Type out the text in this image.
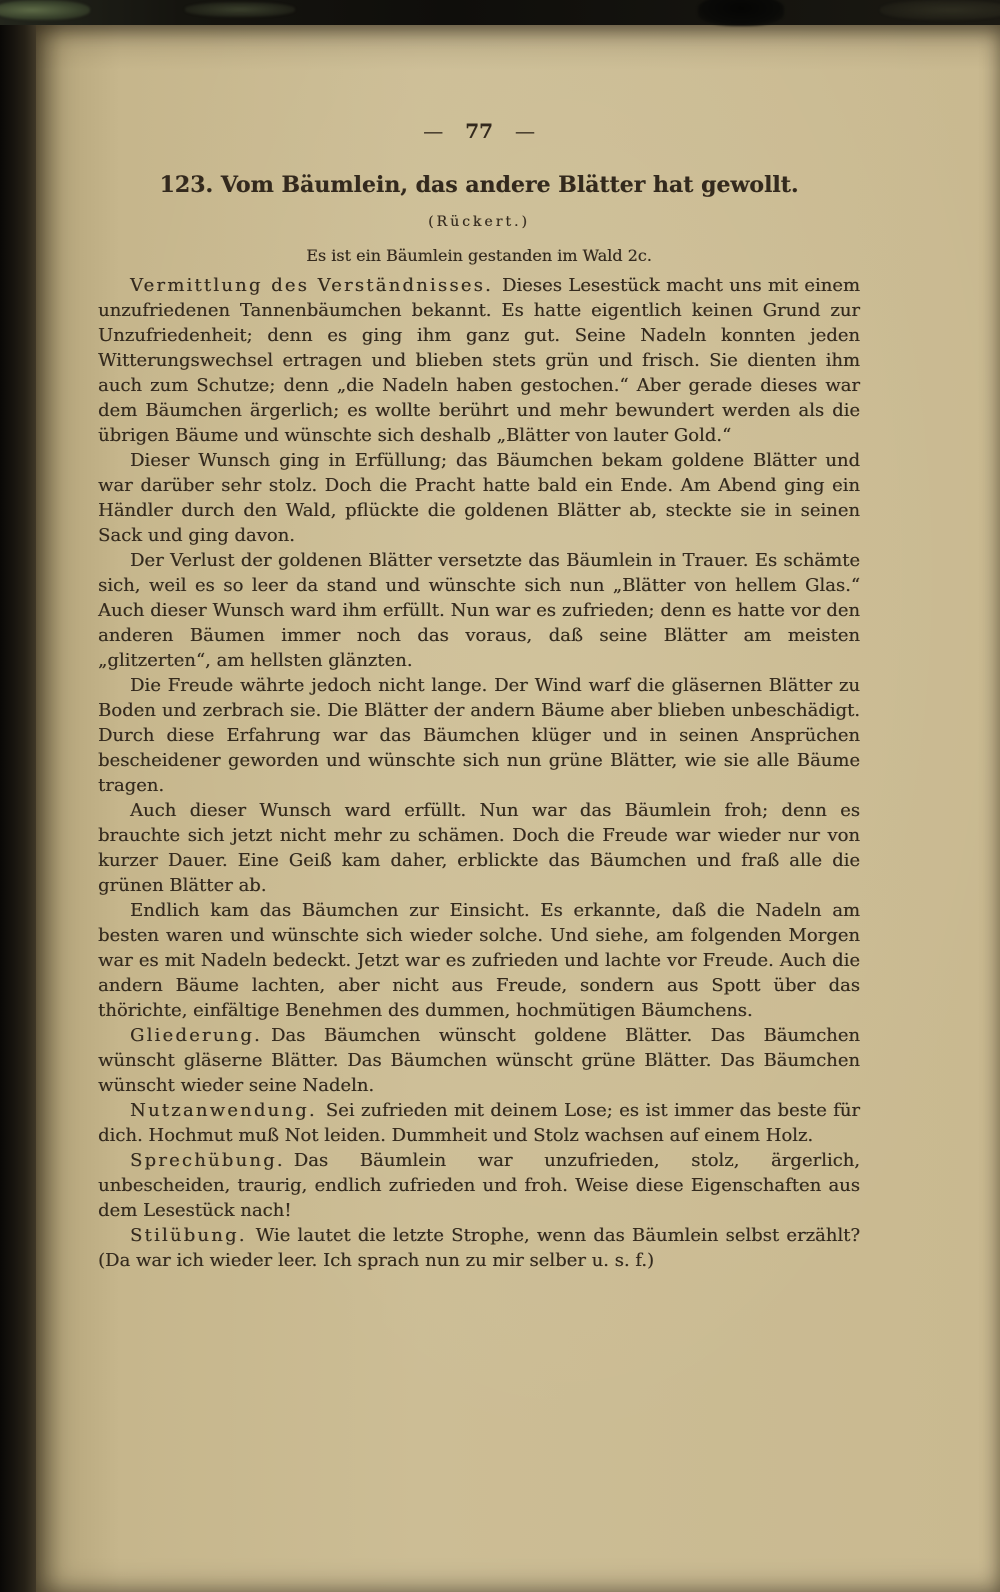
— 77 —
123. Vom Bäumlein, das andere Blätter hat gewollt.
(Rückert.)
Es ist ein Bäumlein gestanden im Wald 2c.

Vermittlung des Verständnisses.  Dieses Lesestück macht uns mit einem unzufriedenen Tannenbäumchen bekannt. Es hatte eigentlich keinen Grund zur Unzufriedenheit; denn es ging ihm ganz gut. Seine Nadeln konnten jeden Witterungswechsel ertragen und blieben stets grün und frisch. Sie dienten ihm auch zum Schutze; denn „die Nadeln haben gestochen.“ Aber gerade dieses war dem Bäumchen ärgerlich; es wollte berührt und mehr bewundert werden als die übrigen Bäume und wünschte sich deshalb „Blätter von lauter Gold.“

Dieser Wunsch ging in Erfüllung; das Bäumchen bekam goldene Blätter und war darüber sehr stolz. Doch die Pracht hatte bald ein Ende. Am Abend ging ein Händler durch den Wald, pflückte die goldenen Blätter ab, steckte sie in seinen Sack und ging davon.

Der Verlust der goldenen Blätter versetzte das Bäumlein in Trauer. Es schämte sich, weil es so leer da stand und wünschte sich nun „Blätter von hellem Glas.“ Auch dieser Wunsch ward ihm erfüllt. Nun war es zufrieden; denn es hatte vor den anderen Bäumen immer noch das voraus, daß seine Blätter am meisten „glitzerten“, am hellsten glänzten.

Die Freude währte jedoch nicht lange. Der Wind warf die gläsernen Blätter zu Boden und zerbrach sie. Die Blätter der andern Bäume aber blieben unbeschädigt. Durch diese Erfahrung war das Bäumchen klüger und in seinen Ansprüchen bescheidener geworden und wünschte sich nun grüne Blätter, wie sie alle Bäume tragen.

Auch dieser Wunsch ward erfüllt. Nun war das Bäumlein froh; denn es brauchte sich jetzt nicht mehr zu schämen. Doch die Freude war wieder nur von kurzer Dauer. Eine Geiß kam daher, erblickte das Bäumchen und fraß alle die grünen Blätter ab.

Endlich kam das Bäumchen zur Einsicht. Es erkannte, daß die Nadeln am besten waren und wünschte sich wieder solche. Und siehe, am folgenden Morgen war es mit Nadeln bedeckt. Jetzt war es zufrieden und lachte vor Freude. Auch die andern Bäume lachten, aber nicht aus Freude, sondern aus Spott über das thörichte, einfältige Benehmen des dummen, hochmütigen Bäumchens.

Gliederung.  Das Bäumchen wünscht goldene Blätter. Das Bäumchen wünscht gläserne Blätter. Das Bäumchen wünscht grüne Blätter. Das Bäumchen wünscht wieder seine Nadeln.

Nutzanwendung.  Sei zufrieden mit deinem Lose; es ist immer das beste für dich. Hochmut muß Not leiden. Dummheit und Stolz wachsen auf einem Holz.

Sprechübung.  Das Bäumlein war unzufrieden, stolz, ärgerlich, unbescheiden, traurig, endlich zufrieden und froh. Weise diese Eigenschaften aus dem Lesestück nach!

Stilübung.  Wie lautet die letzte Strophe, wenn das Bäumlein selbst erzählt? (Da war ich wieder leer. Ich sprach nun zu mir selber u. s. f.)
